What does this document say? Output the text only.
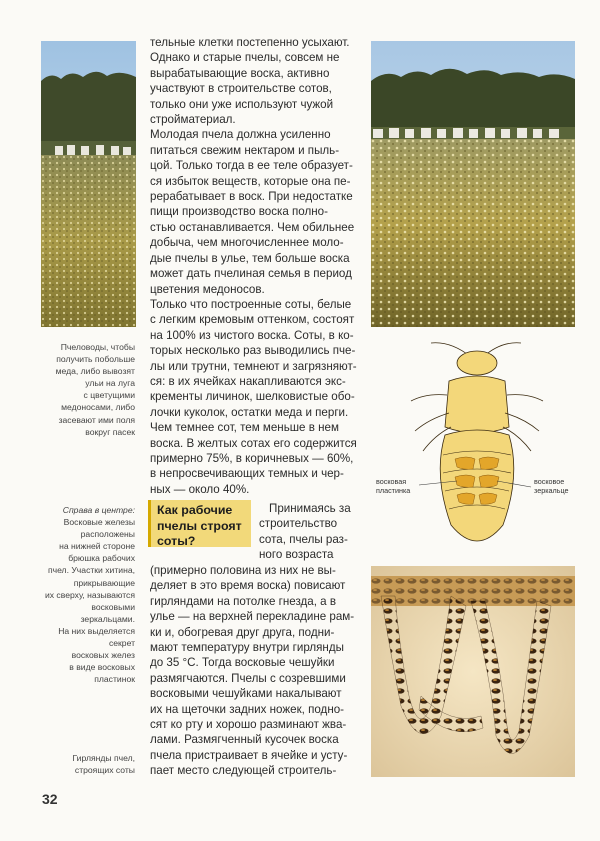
Пчеловоды, чтобы
получить побольше
меда, либо вывозят
ульи на луга
с цветущими
медоносами, либо
засевают ими поля
вокруг пасек
Справа в центре:
Восковые железы
расположены
на нижней стороне
брюшка рабочих
пчел. Участки хитина,
прикрывающие
их сверху, называются
восковыми
зеркальцами.
На них выделяется
секрет
восковых желез
в виде восковых
пластинок
Гирлянды пчел,
строящих соты
тельные клетки постепенно усыхают.
Однако и старые пчелы, совсем не
вырабатывающие воска, активно
участвуют в строительстве сотов,
только они уже используют чужой
стройматериал.
Молодая пчела должна усиленно
питаться свежим нектаром и пыль-
цой. Только тогда в ее теле образует-
ся избыток веществ, которые она пе-
рерабатывает в воск. При недостатке
пищи производство воска полно-
стью останавливается. Чем обильнее
добыча, чем многочисленнее моло-
дые пчелы в улье, тем больше воска
может дать пчелиная семья в период
цветения медоносов.
Только что построенные соты, белые
с легким кремовым оттенком, состоят
на 100% из чистого воска. Соты, в ко-
торых несколько раз выводились пче-
лы или трутни, темнеют и загрязняют-
ся: в их ячейках накапливаются экс-
кременты личинок, шелковистые обо-
лочки куколок, остатки меда и перги.
Чем темнее сот, тем меньше в нем
воска. В желтых сотах его содержится
примерно 75%, в коричневых — 60%,
в непросвечивающих темных и чер-
ных — около 40%.
Как рабочие
пчелы строят
соты?
Принимаясь за
строительство
сота, пчелы раз-
ного возраста
(примерно половина из них не вы-
деляет в это время воска) повисают
гирляндами на потолке гнезда, а в
улье — на верхней перекладине рам-
ки и, обогревая друг друга, подни-
мают температуру внутри гирлянды
до 35 °С. Тогда восковые чешуйки
размягчаются. Пчелы с созревшими
восковыми чешуйками накалывают
их на щеточки задних ножек, подно-
сят ко рту и хорошо разминают жва-
лами. Размягченный кусочек воска
пчела пристраивает в ячейке и усту-
пает место следующей строитель-
восковая
пластинка
восковое
зеркальце
32
